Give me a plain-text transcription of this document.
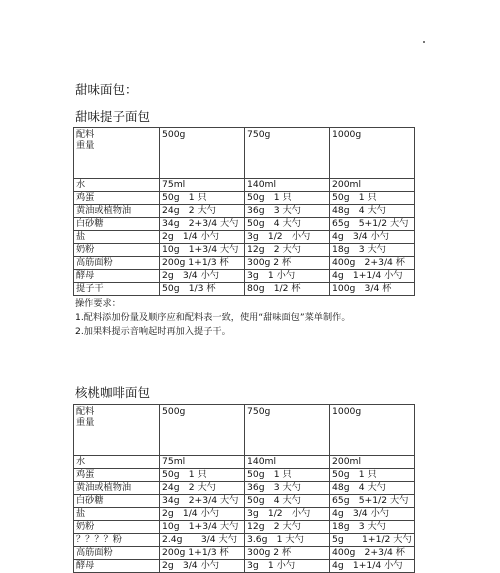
甜味面包：
甜味提子面包
配料
重量	500g	750g	1000g
水	75ml	140ml	200ml
鸡蛋	50g　1 只	50g　1 只	50g　1 只
黄油或植物油	24g　2 大勺	36g　3 大勺	48g　4 大勺
白砂糖	34g　2+3/4 大勺	50g　4 大勺	65g　5+1/2 大勺
盐	2g　1/4 小勺	3g　1/2　小勺	4g　3/4 小勺
奶粉	10g　1+3/4 大勺	12g　2 大勺	18g　3 大勺
高筋面粉	200g 1+1/3 杯	300g 2 杯	400g　2+3/4 杯
酵母	2g　3/4 小勺	3g　1 小勺	4g　1+1/4 小勺
提子干	50g　1/3 杯	80g　1/2 杯	100g　3/4 杯

操作要求：

1.配料添加份量及顺序应和配料表一致，使用“甜味面包”菜单制作。

2.加果料提示音响起时再加入提子干。

核桃咖啡面包
配料
重量	500g	750g	1000g
水	75ml	140ml	200ml
鸡蛋	50g　1 只	50g　1 只	50g　1 只
黄油或植物油	24g　2 大勺	36g　3 大勺	48g　4 大勺
白砂糖	34g　2+3/4 大勺	50g　4 大勺	65g　5+1/2 大勺
盐	2g　1/4 小勺	3g　1/2　小勺	4g　3/4 小勺
奶粉	10g　1+3/4 大勺	12g　2 大勺	18g　3 大勺
？？？？粉	2.4g　　3/4 大勺	3.6g　1 大勺	5g　　1+1/2 大勺
高筋面粉	200g 1+1/3 杯	300g 2 杯	400g　2+3/4 杯
酵母	2g　3/4 小勺	3g　1 小勺	4g　1+1/4 小勺
